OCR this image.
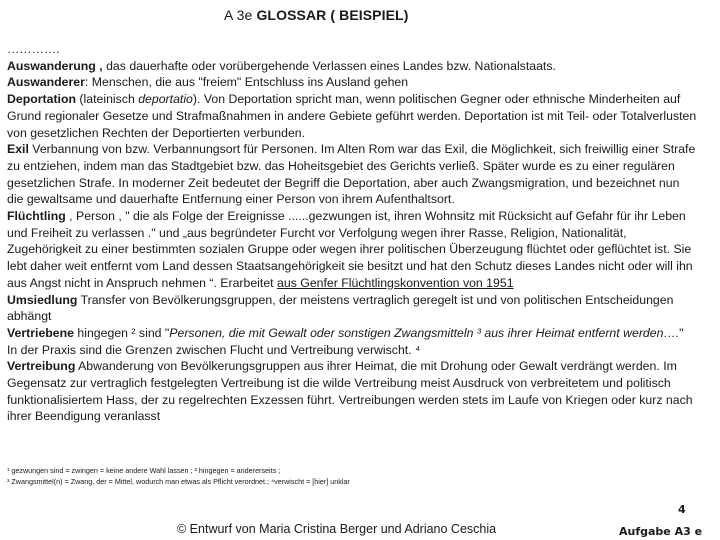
A 3e GLOSSAR ( BEISPIEL)

………….

Auswanderung , das dauerhafte oder vorübergehende Verlassen eines Landes bzw. Nationalstaats.

Auswanderer: Menschen, die aus "freiem" Entschluss ins Ausland gehen

Deportation (lateinisch deportatio). Von Deportation spricht man, wenn politischen Gegner oder ethnische Minderheiten auf Grund regionaler Gesetze und Strafmaßnahmen in andere Gebiete geführt werden. Deportation ist mit Teil- oder Totalverlusten von gesetzlichen Rechten der Deportierten verbunden.

Exil Verbannung von bzw. Verbannungsort für Personen. Im Alten Rom war das Exil, die Möglichkeit, sich freiwillig einer Strafe zu entziehen, indem man das Stadtgebiet bzw. das Hoheitsgebiet des Gerichts verließ. Später wurde es zu einer regulären gesetzlichen Strafe. In moderner Zeit bedeutet der Begriff die Deportation, aber auch Zwangsmigration, und bezeichnet nun die gewaltsame und dauerhafte Entfernung einer Person von ihrem Aufenthaltsort.

Flüchtling , Person , " die als Folge der Ereignisse ......gezwungen ist, ihren Wohnsitz mit Rücksicht auf Gefahr für ihr Leben und Freiheit zu verlassen ." und „aus begründeter Furcht vor Verfolgung wegen ihrer Rasse, Religion, Nationalität, Zugehörigkeit zu einer bestimmten sozialen Gruppe oder wegen ihrer politischen Überzeugung flüchtet oder geflüchtet ist. Sie lebt daher weit entfernt vom Land dessen Staatsangehörigkeit sie besitzt und hat den Schutz dieses Landes nicht oder will ihn aus Angst nicht in Anspruch nehmen “. Erarbeitet aus Genfer Flüchtlingskonvention von 1951

Umsiedlung Transfer von Bevölkerungsgruppen, der meistens vertraglich geregelt ist und von politischen Entscheidungen abhängt

Vertriebene hingegen ² sind "Personen, die mit Gewalt oder sonstigen Zwangsmitteln ³ aus ihrer Heimat entfernt werden…." In der Praxis sind die Grenzen zwischen Flucht und Vertreibung verwischt. ⁴

Vertreibung Abwanderung von Bevölkerungsgruppen aus ihrer Heimat, die mit Drohung oder Gewalt verdrängt werden. Im Gegensatz zur vertraglich festgelegten Vertreibung ist die wilde Vertreibung meist Ausdruck von verbreitetem und politisch funktionalisiertem Hass, der zu regelrechten Exzessen führt. Vertreibungen werden stets im Laufe von Kriegen oder kurz nach ihrer Beendigung veranlasst

¹ gezwungen sind = zwingen = keine andere Wahl lassen ; ² hingegen = andererseits ;
³ Zwangsmittel(n) = Zwang, der = Mittel, wodurch man etwas als Pflicht verordnet.; ⁴verwischt = [hier] unklar
© Entwurf von Maria Cristina Berger und Adriano Ceschia
4
Aufgabe A3 e
